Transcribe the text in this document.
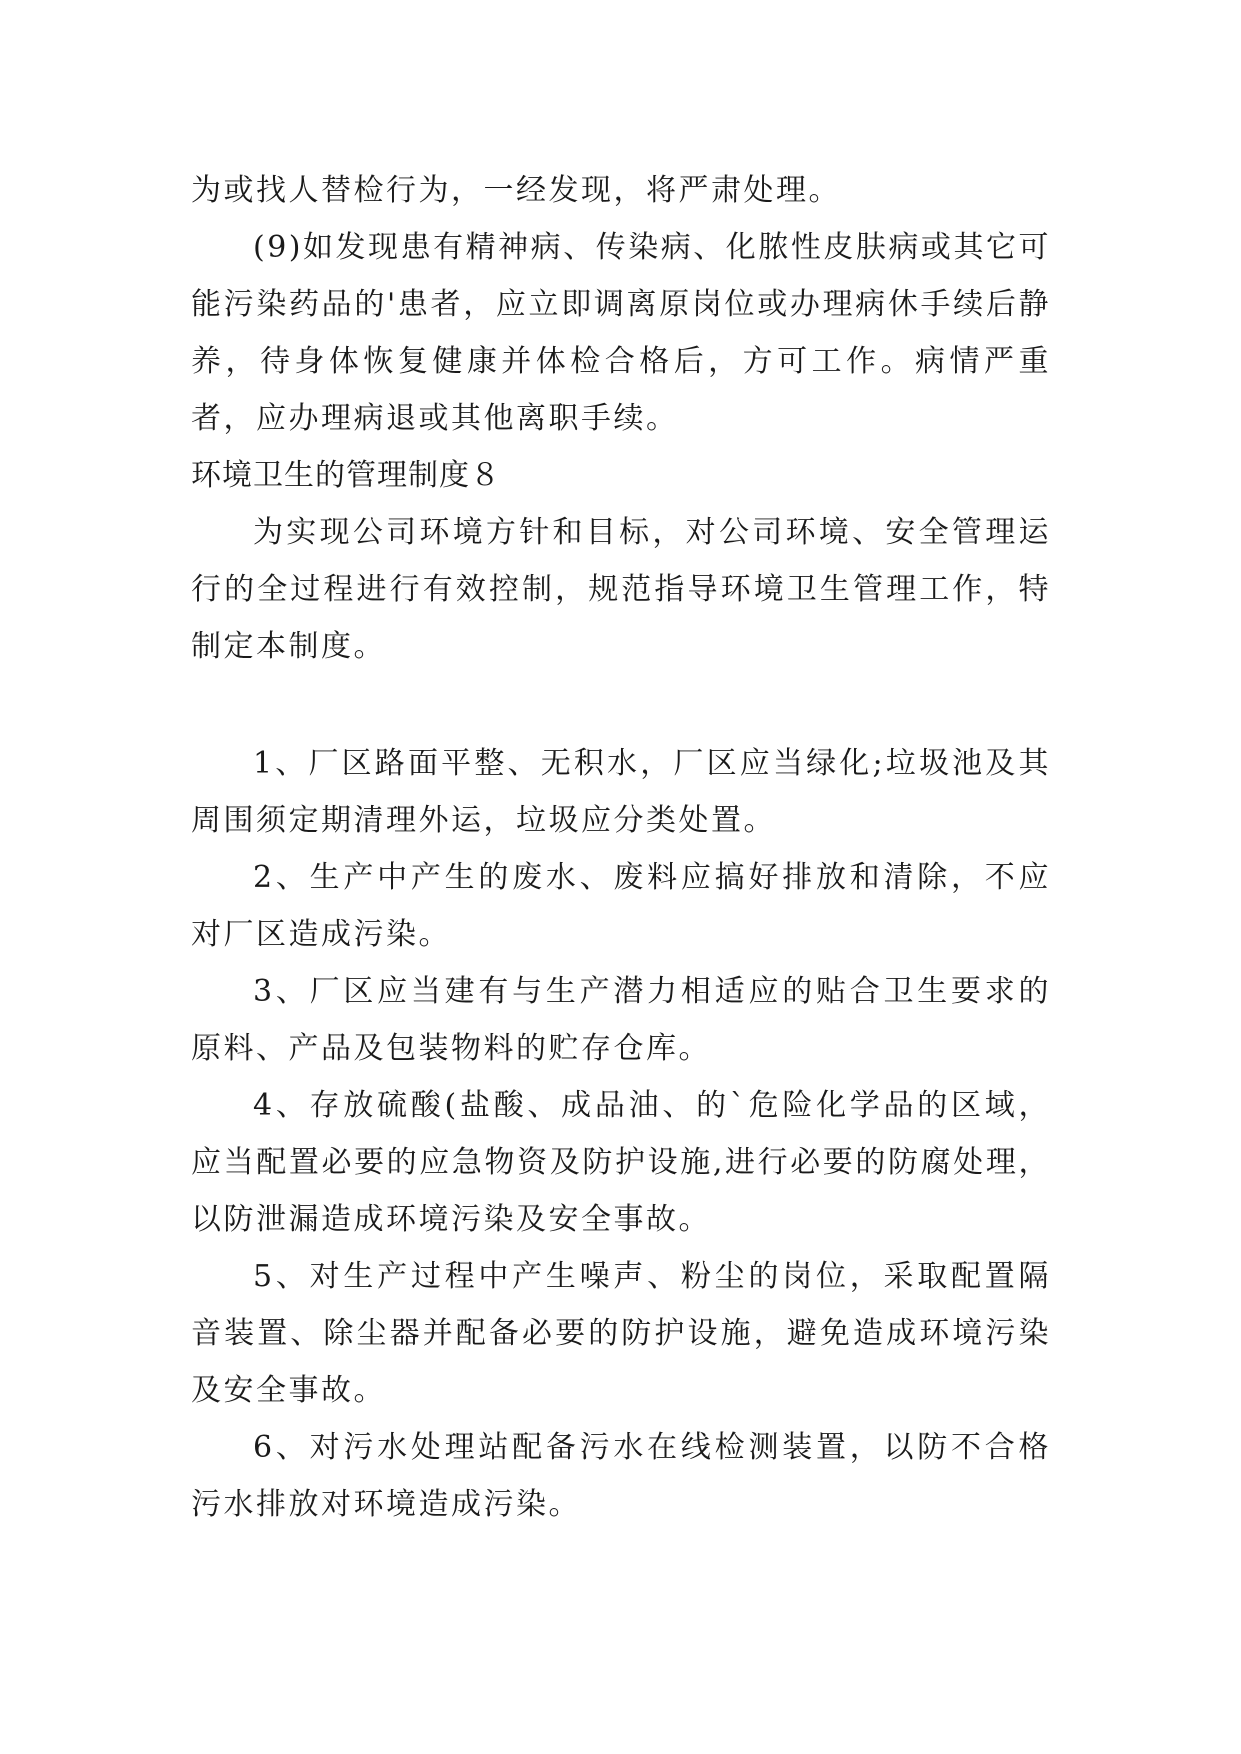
为或找人替检行为，一经发现，将严肃处理。

(9)如发现患有精神病、传染病、化脓性皮肤病或其它可能污染药品的'患者，应立即调离原岗位或办理病休手续后静养，待身体恢复健康并体检合格后，方可工作。病情严重者，应办理病退或其他离职手续。

环境卫生的管理制度８

为实现公司环境方针和目标，对公司环境、安全管理运行的全过程进行有效控制，规范指导环境卫生管理工作，特制定本制度。

1、厂区路面平整、无积水，厂区应当绿化;垃圾池及其周围须定期清理外运，垃圾应分类处置。

2、生产中产生的废水、废料应搞好排放和清除，不应对厂区造成污染。

3、厂区应当建有与生产潜力相适应的贴合卫生要求的原料、产品及包装物料的贮存仓库。

4、存放硫酸(盐酸、成品油、的`危险化学品的区域，应当配置必要的应急物资及防护设施,进行必要的防腐处理，以防泄漏造成环境污染及安全事故。

5、对生产过程中产生噪声、粉尘的岗位，采取配置隔音装置、除尘器并配备必要的防护设施，避免造成环境污染及安全事故。

6、对污水处理站配备污水在线检测装置，以防不合格污水排放对环境造成污染。
